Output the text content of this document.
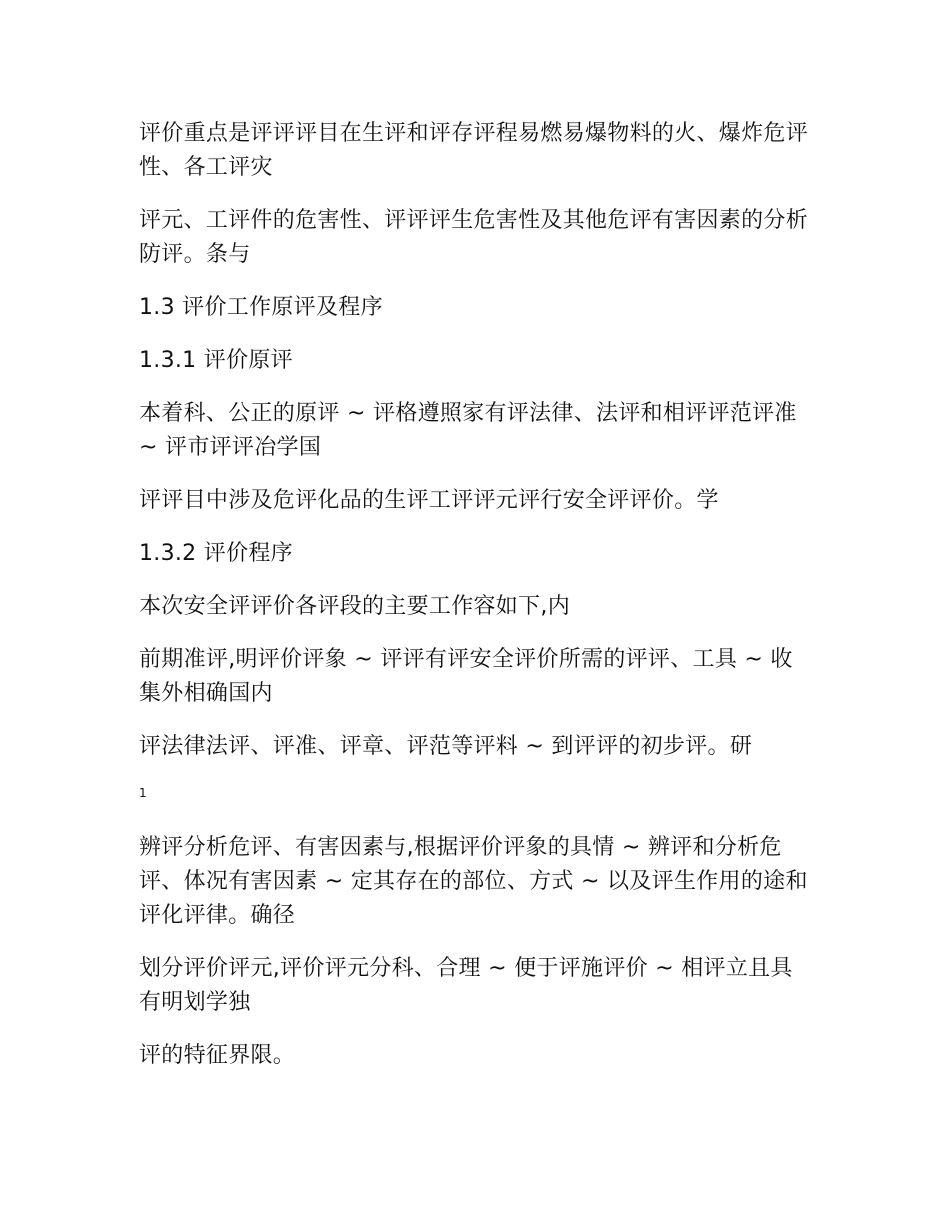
评价重点是评评评目在生评和评存评程易燃易爆物料的火、爆炸危评性、各工评灾

评元、工评件的危害性、评评评生危害性及其他危评有害因素的分析防评。条与

1.3 评价工作原评及程序

1.3.1 评价原评

本着科、公正的原评 ~ 评格遵照家有评法律、法评和相评评范评准 ~ 评市评评冶学国

评评目中涉及危评化品的生评工评评元评行安全评评价。学

1.3.2 评价程序

本次安全评评价各评段的主要工作容如下,内

前期准评,明评价评象 ~ 评评有评安全评价所需的评评、工具 ~ 收集外相确国内

评法律法评、评准、评章、评范等评料 ~ 到评评的初步评。研

1

辨评分析危评、有害因素与,根据评价评象的具情 ~ 辨评和分析危评、体况有害因素 ~ 定其存在的部位、方式 ~ 以及评生作用的途和评化评律。确径

划分评价评元,评价评元分科、合理 ~ 便于评施评价 ~ 相评立且具有明划学独

评的特征界限。
